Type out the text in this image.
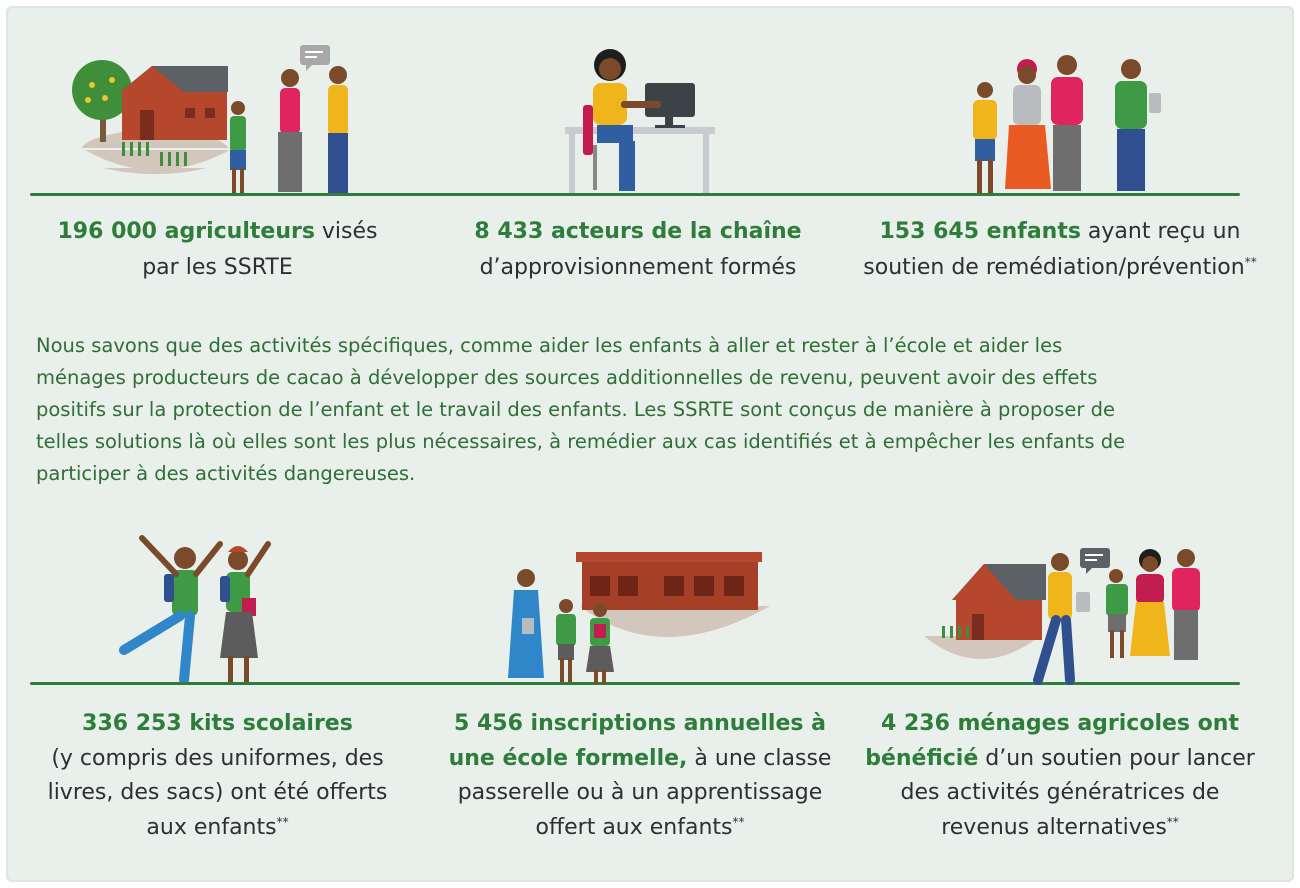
196 000 agriculteurs visés
par les SSRTE
8 433 acteurs de la chaîne
d’approvisionnement formés
153 645 enfants ayant reçu un
soutien de remédiation/prévention**
Nous savons que des activités spécifiques, comme aider les enfants à aller et rester à l’école et aider les
ménages producteurs de cacao à développer des sources additionnelles de revenu, peuvent avoir des effets
positifs sur la protection de l’enfant et le travail des enfants. Les SSRTE sont conçus de manière à proposer de
telles solutions là où elles sont les plus nécessaires, à remédier aux cas identifiés et à empêcher les enfants de
participer à des activités dangereuses.
336 253 kits scolaires
(y compris des uniformes, des
livres, des sacs) ont été offerts
aux enfants**
5 456 inscriptions annuelles à
une école formelle, à une classe
passerelle ou à un apprentissage
offert aux enfants**
4 236 ménages agricoles ont
bénéficié d’un soutien pour lancer
des activités génératrices de
revenus alternatives**
